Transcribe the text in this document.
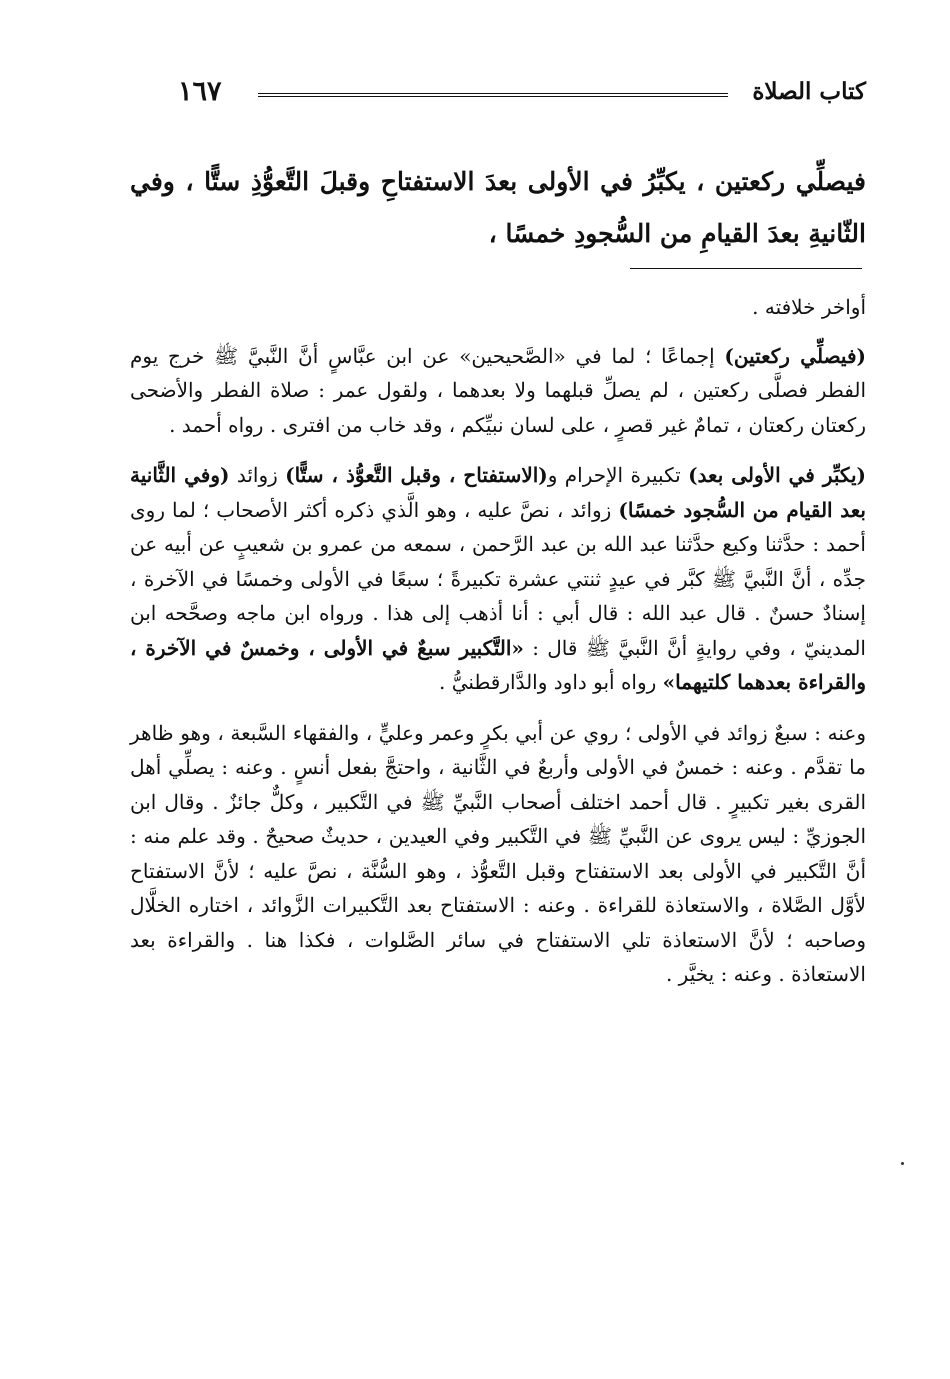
كتاب الصلاة
١٦٧
فيصلِّي ركعتين ، يكبِّرُ في الأولى بعدَ الاستفتاحِ وقبلَ التَّعوُّذِ ستًّا ، وفي الثّانيةِ بعدَ القيامِ من السُّجودِ خمسًا ،

أواخر خلافته .

(فيصلِّي ركعتين) إجماعًا ؛ لما في «الصَّحيحين» عن ابن عبَّاسٍ أنَّ النَّبيَّ ﷺ خرج يوم الفطر فصلَّى ركعتين ، لم يصلِّ قبلهما ولا بعدهما ، ولقول عمر : صلاة الفطر والأضحى ركعتان ركعتان ، تمامٌ غير قصرٍ ، على لسان نبيِّكم ، وقد خاب من افترى . رواه أحمد .

(يكبِّر في الأولى بعد) تكبيرة الإحرام و(الاستفتاح ، وقبل التَّعوُّذ ، ستًّا) زوائد (وفي الثَّانية بعد القيام من السُّجود خمسًا) زوائد ، نصَّ عليه ، وهو الَّذي ذكره أكثر الأصحاب ؛ لما روى أحمد : حدَّثنا وكيع حدَّثنا عبد الله بن عبد الرَّحمن ، سمعه من عمرو بن شعيبٍ عن أبيه عن جدِّه ، أنَّ النَّبيَّ ﷺ كبَّر في عيدٍ ثنتي عشرة تكبيرةً ؛ سبعًا في الأولى وخمسًا في الآخرة ، إسنادٌ حسنٌ . قال عبد الله : قال أبي : أنا أذهب إلى هذا . ورواه ابن ماجه وصحَّحه ابن المدينيّ ، وفي روايةٍ أنَّ النَّبيَّ ﷺ قال : «التَّكبير سبعٌ في الأولى ، وخمسٌ في الآخرة ، والقراءة بعدهما كلتيهما» رواه أبو داود والدَّارقطنيُّ .

وعنه : سبعٌ زوائد في الأولى ؛ روي عن أبي بكرٍ وعمر وعليٍّ ، والفقهاء السَّبعة ، وهو ظاهر ما تقدَّم . وعنه : خمسٌ في الأولى وأربعٌ في الثَّانية ، واحتجَّ بفعل أنسٍ . وعنه : يصلِّي أهل القرى بغير تكبيرٍ . قال أحمد اختلف أصحاب النَّبيِّ ﷺ في التَّكبير ، وكلٌّ جائزٌ . وقال ابن الجوزيِّ : ليس يروى عن النَّبيِّ ﷺ في التَّكبير وفي العيدين ، حديثٌ صحيحٌ . وقد علم منه : أنَّ التَّكبير في الأولى بعد الاستفتاح وقبل التَّعوُّذ ، وهو السُّنَّة ، نصَّ عليه ؛ لأنَّ الاستفتاح لأوَّل الصَّلاة ، والاستعاذة للقراءة . وعنه : الاستفتاح بعد التَّكبيرات الزَّوائد ، اختاره الخلَّال وصاحبه ؛ لأنَّ الاستعاذة تلي الاستفتاح في سائر الصَّلوات ، فكذا هنا . والقراءة بعد الاستعاذة . وعنه : يخيَّر .
